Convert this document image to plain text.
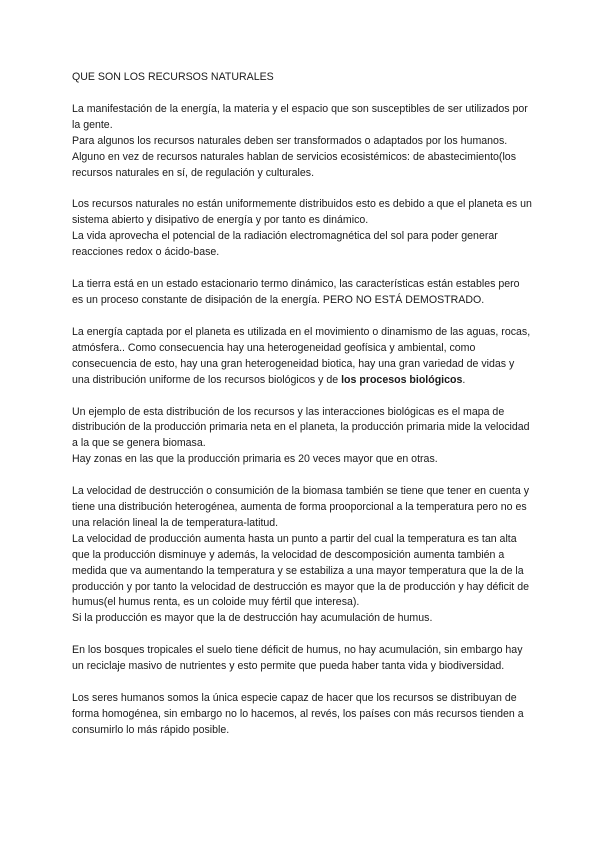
QUE SON LOS RECURSOS NATURALES
La manifestación de la energía, la materia y el espacio que son susceptibles de ser utilizados por la gente.
Para algunos los recursos naturales deben ser transformados o adaptados por los humanos.
Alguno en vez de recursos naturales hablan de servicios ecosistémicos: de abastecimiento(los recursos naturales en sí, de regulación y culturales.
Los recursos naturales no están uniformemente distribuidos esto es debido a que el planeta es un sistema abierto y disipativo de energía y por tanto es dinámico.
La vida aprovecha el potencial de la radiación electromagnética del sol para poder generar reacciones redox o ácido-base.
La tierra está en un estado estacionario termo dinámico, las características están estables pero es un proceso constante de disipación de la energía. PERO NO ESTÁ DEMOSTRADO.
La energía captada por el planeta es utilizada en el movimiento o dinamismo de las aguas, rocas, atmósfera.. Como consecuencia hay una heterogeneidad geofísica y ambiental, como consecuencia de esto, hay una gran heterogeneidad biotica, hay una gran variedad de vidas y una distribución uniforme de los recursos biológicos y de los procesos biológicos.
Un ejemplo de esta distribución de los recursos y las interacciones biológicas es el mapa de distribución de la producción primaria neta en el planeta, la producción primaria mide la velocidad a la que se genera biomasa.
Hay zonas en las que la producción primaria es 20 veces mayor que en otras.
La velocidad de destrucción o consumición de la biomasa también se tiene que tener en cuenta y tiene una distribución heterogénea, aumenta de forma prooporcional a la temperatura pero no es una relación lineal la de temperatura-latitud.
La velocidad de producción aumenta hasta un punto a partir del cual la temperatura es tan alta que la producción disminuye y además, la velocidad de descomposición aumenta también a medida que va aumentando la temperatura y se estabiliza a una mayor temperatura que la de la producción y por tanto la velocidad de destrucción es mayor que la de producción y hay déficit de humus(el humus renta, es un coloide muy fértil que interesa).
Si la producción es mayor que la de destrucción hay acumulación de humus.
En los bosques tropicales el suelo tiene déficit de humus, no hay acumulación, sin embargo hay un reciclaje masivo de nutrientes y esto permite que pueda haber tanta vida y biodiversidad.
Los seres humanos somos la única especie capaz de hacer que los recursos se distribuyan de forma homogénea, sin embargo no lo hacemos, al revés, los países con más recursos tienden a consumirlo lo más rápido posible.
